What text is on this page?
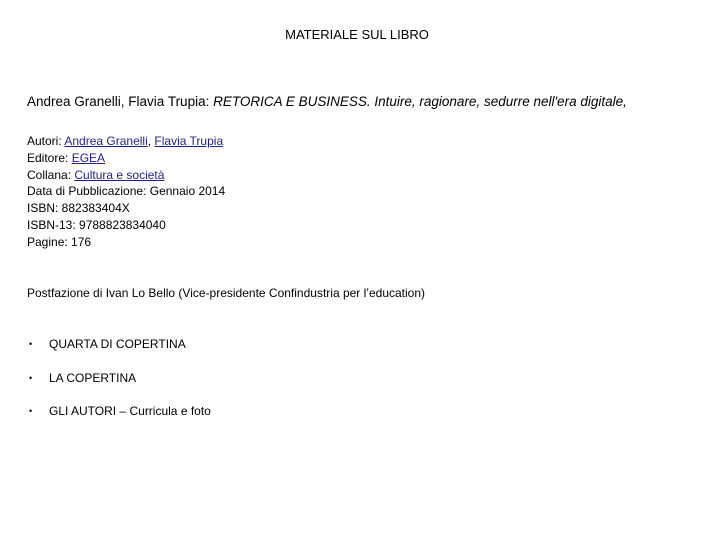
MATERIALE SUL LIBRO
Andrea Granelli, Flavia Trupia: RETORICA E BUSINESS. Intuire, ragionare, sedurre nell'era digitale,
Autori: Andrea Granelli, Flavia Trupia
Editore: EGEA
Collana: Cultura e società
Data di Pubblicazione: Gennaio 2014
ISBN: 882383404X
ISBN-13: 9788823834040
Pagine: 176
Postfazione di Ivan Lo Bello (Vice-presidente Confindustria per l’education)
• QUARTA DI COPERTINA
• LA COPERTINA
• GLI AUTORI – Curricula e foto
